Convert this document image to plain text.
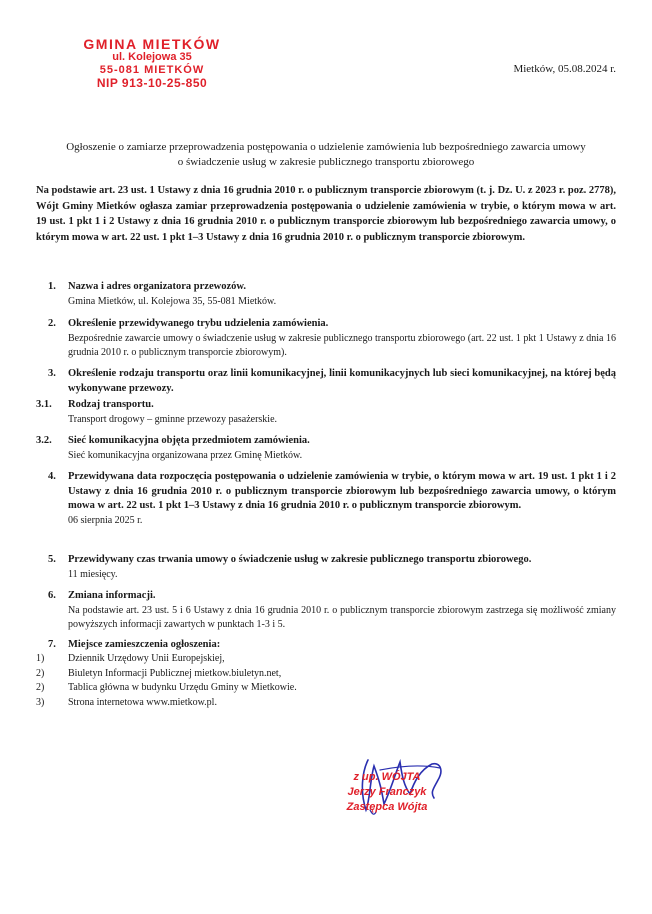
GMINA MIETKÓW
ul. Kolejowa 35
55-081 MIETKÓW
NIP 913-10-25-850
Mietków, 05.08.2024 r.
Ogłoszenie o zamiarze przeprowadzenia postępowania o udzielenie zamówienia lub bezpośredniego zawarcia umowy
o świadczenie usług w zakresie publicznego transportu zbiorowego
Na podstawie art. 23 ust. 1 Ustawy z dnia 16 grudnia 2010 r. o publicznym transporcie zbiorowym (t. j. Dz. U. z 2023 r. poz. 2778), Wójt Gminy Mietków ogłasza zamiar przeprowadzenia postępowania o udzielenie zamówienia w trybie, o którym mowa w art. 19 ust. 1 pkt 1 i 2 Ustawy z dnia 16 grudnia 2010 r. o publicznym transporcie zbiorowym lub bezpośredniego zawarcia umowy, o którym mowa w art. 22 ust. 1 pkt 1–3 Ustawy z dnia 16 grudnia 2010 r. o publicznym transporcie zbiorowym.
1. Nazwa i adres organizatora przewozów.
Gmina Mietków, ul. Kolejowa 35, 55-081 Mietków.
2. Określenie przewidywanego trybu udzielenia zamówienia.
Bezpośrednie zawarcie umowy o świadczenie usług w zakresie publicznego transportu zbiorowego (art. 22 ust. 1 pkt 1 Ustawy z dnia 16 grudnia 2010 r. o publicznym transporcie zbiorowym).
3. Określenie rodzaju transportu oraz linii komunikacyjnej, linii komunikacyjnych lub sieci komunikacyjnej, na której będą wykonywane przewozy.
3.1. Rodzaj transportu.
Transport drogowy – gminne przewozy pasażerskie.
3.2. Sieć komunikacyjna objęta przedmiotem zamówienia.
Sieć komunikacyjna organizowana przez Gminę Mietków.
4. Przewidywana data rozpoczęcia postępowania o udzielenie zamówienia w trybie, o którym mowa w art. 19 ust. 1 pkt 1 i 2 Ustawy z dnia 16 grudnia 2010 r. o publicznym transporcie zbiorowym lub bezpośredniego zawarcia umowy, o którym mowa w art. 22 ust. 1 pkt 1–3 Ustawy z dnia 16 grudnia 2010 r. o publicznym transporcie zbiorowym.
06 sierpnia 2025 r.
5. Przewidywany czas trwania umowy o świadczenie usług w zakresie publicznego transportu zbiorowego.
11 miesięcy.
6. Zmiana informacji.
Na podstawie art. 23 ust. 5 i 6 Ustawy z dnia 16 grudnia 2010 r. o publicznym transporcie zbiorowym zastrzega się możliwość zmiany powyższych informacji zawartych w punktach 1-3 i 5.
7. Miejsce zamieszczenia ogłoszenia:
1) Dziennik Urzędowy Unii Europejskiej,
2) Biuletyn Informacji Publicznej mietkow.biuletyn.net,
2) Tablica główna w budynku Urzędu Gminy w Mietkowie.
3) Strona internetowa www.mietkow.pl.
z up. WÓJTA
Jerzy Franczyk
Zastępca Wójta
